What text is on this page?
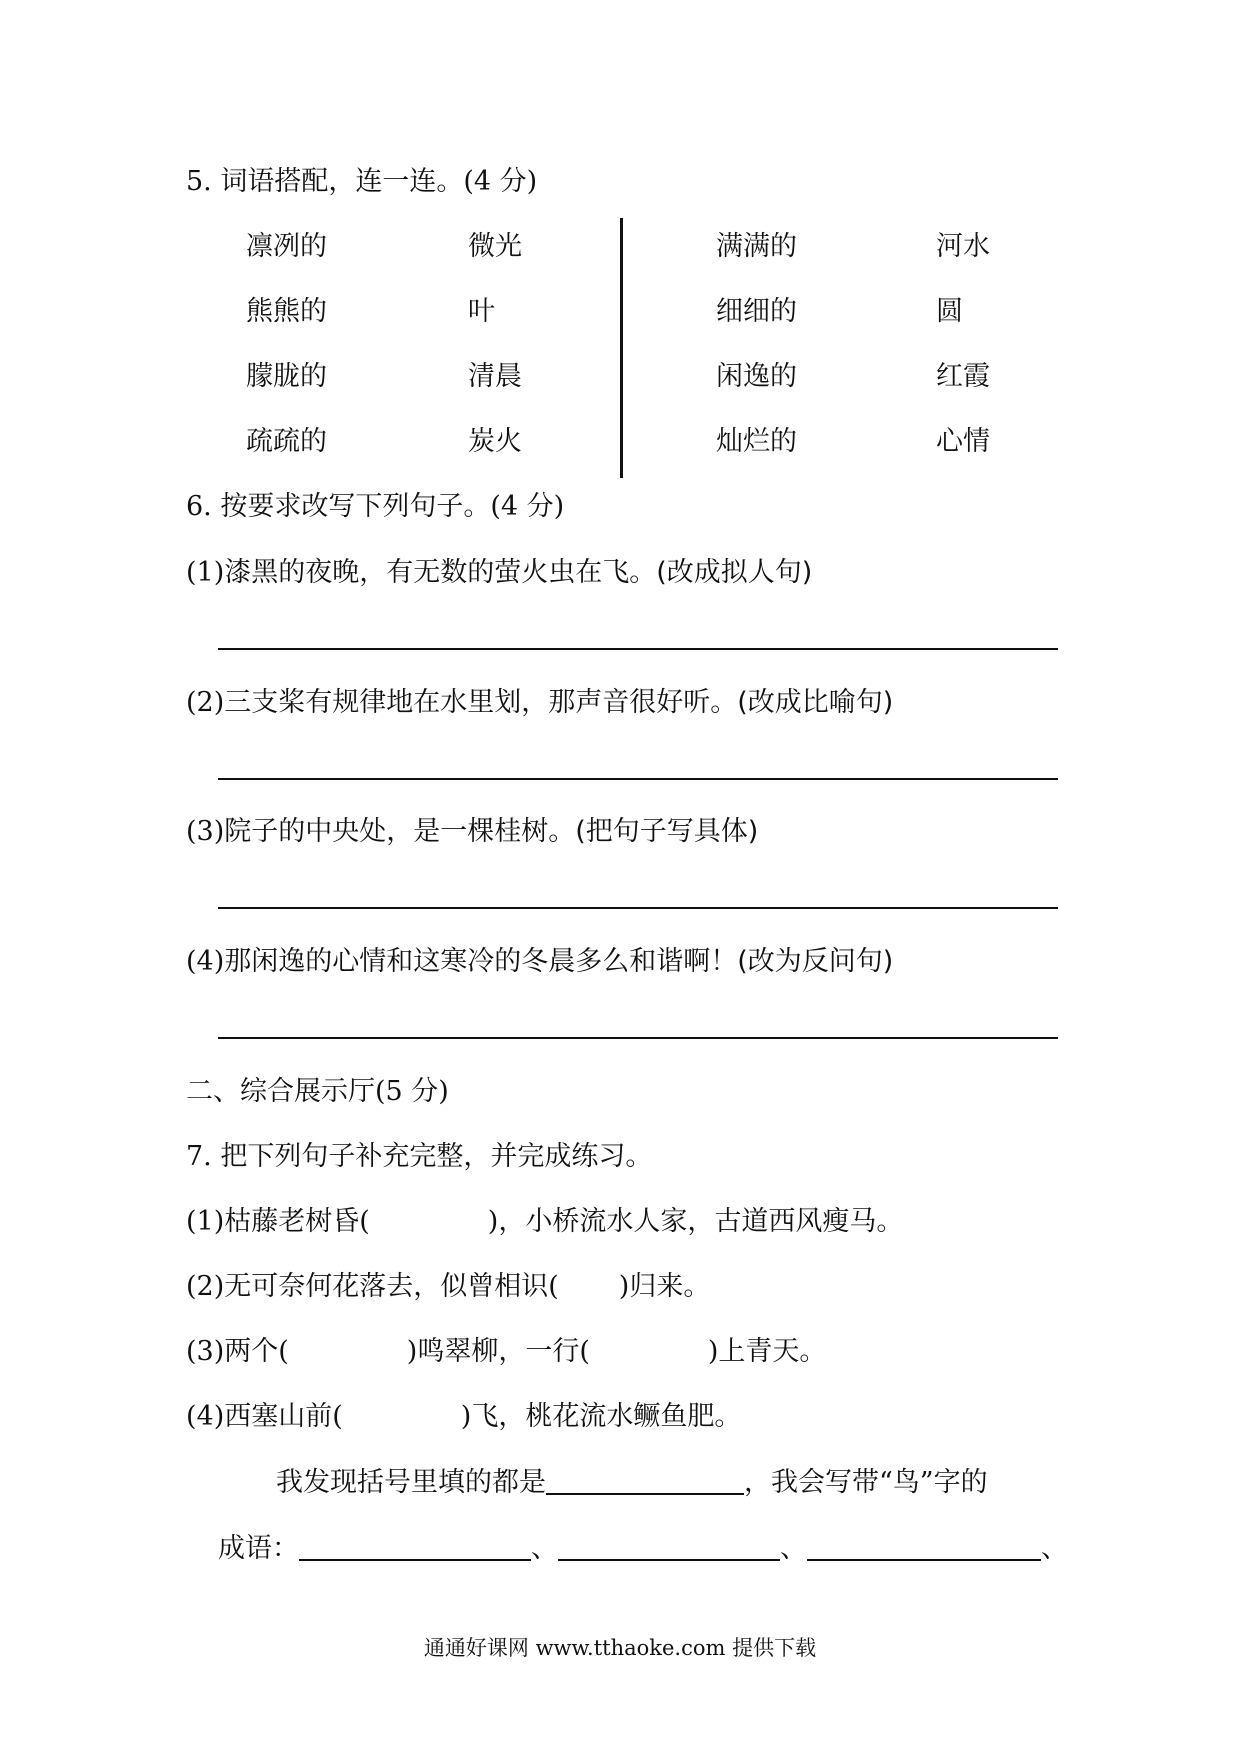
5. 词语搭配，连一连。(4 分)
凛冽的	微光	满满的	河水
熊熊的	叶	细细的	圆
朦胧的	清晨	闲逸的	红霞
疏疏的	炭火	灿烂的	心情
6. 按要求改写下列句子。(4 分)
(1)漆黑的夜晚，有无数的萤火虫在飞。(改成拟人句)
(2)三支桨有规律地在水里划，那声音很好听。(改成比喻句)
(3)院子的中央处，是一棵桂树。(把句子写具体)
(4)那闲逸的心情和这寒冷的冬晨多么和谐啊！(改为反问句)
二、综合展示厅(5 分)
7. 把下列句子补充完整，并完成练习。
(1)枯藤老树昏(	)，小桥流水人家，古道西风瘦马。
(2)无可奈何花落去，似曾相识( )归来。
(3)两个(	)鸣翠柳，一行(	)上青天。
(4)西塞山前(	)飞，桃花流水鳜鱼肥。
我发现括号里填的都是	，我会写带“鸟”字的
成语：	、	、	、
通通好课网 www.tthaoke.com 提供下载
